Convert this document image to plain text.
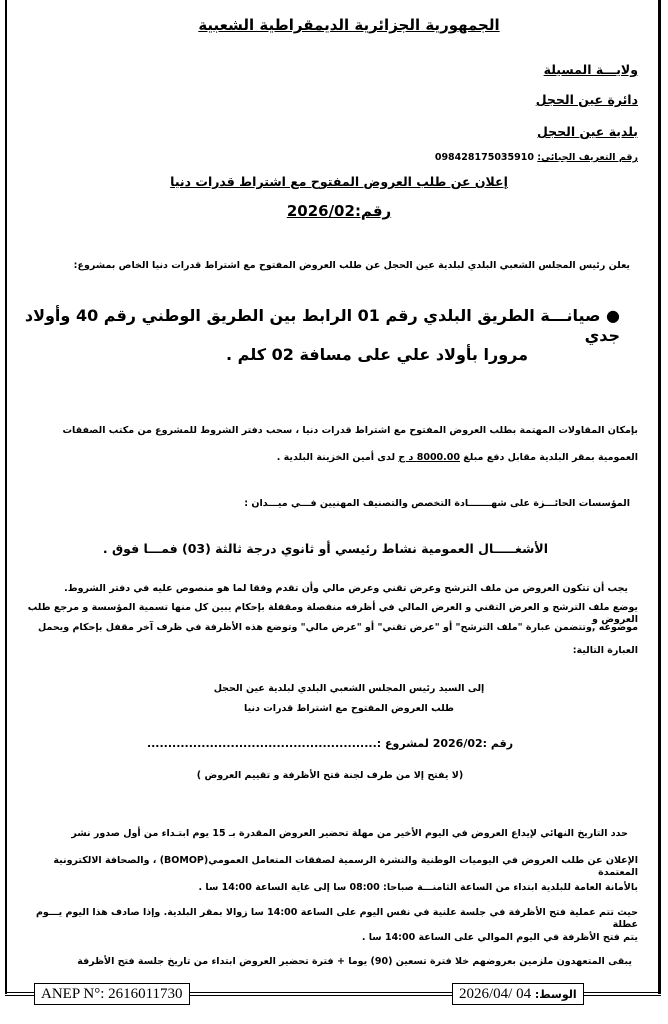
الجمهورية الجزائرية الديمقراطية الشعبية
ولايـــة المسيلة
دائرة عين الحجل
بلدية عين الحجل
رقم التعريف الجبائي: 098428175035910
إعلان عن طلب العروض المفتوح مع اشتراط قدرات دنيا
رقم:2026/02
يعلن رئيس المجلس الشعبي البلدي لبلدية عين الحجل عن طلب العروض المفتوح مع اشتراط قدرات دنيا الخاص بمشروع:
● صيانـــة الطريق البلدي رقم 01 الرابط بين الطريق الوطني رقم 40 وأولاد جدي
مرورا بأولاد علي على مسافة 02 كلم .
بإمكان المقاولات المهتمة بطلب العروض المفتوح مع اشتراط قدرات دنيا ، سحب دفتر الشروط للمشروع من مكتب الصفقات
العمومية بمقر البلدية مقابل دفع مبلغ 8000.00 د ج لدى أمين الخزينة البلدية .
المؤسسات الحائـــزة على شهـــــــادة التخصص والتصنيف المهنيين فـــي ميـــدان :
الأشغـــــال العمومية نشاط رئيسي أو ثانوي درجة ثالثة (03) فمـــا فوق .
يجب أن تتكون العروض من ملف الترشح وعرض تقني وعرض مالي وأن تقدم وفقا لما هو منصوص عليه في دفتر الشروط.
يوضع ملف الترشح و العرض التقني و العرض المالي في أظرفه منفصلة ومقفلة بإحكام يبين كل منها تسمية المؤسسة و مرجع طلب العروض و
موضوعه ,وتتضمن عبارة "ملف الترشح" أو "عرض تقني" أو "عرض مالي" وتوضع هذه الأظرفة في ظرف آخر مقفل بإحكام ويحمل
العبارة التالية:
إلى السيد رئيس المجلس الشعبي البلدي لبلدية عين الحجل
طلب العروض المفتوح مع اشتراط قدرات دنيا
رقم :2026/02 لمشروع :.......................................................
(لا يفتح إلا من طرف لجنة فتح الأظرفة و تقييم العروض )
حدد التاريخ النهائي لإيداع العروض في اليوم الأخير من مهلة تحضير العروض المقدرة بـ 15 يوم ابتـداء من أول صدور نشر
الإعلان عن طلب العروض في اليوميات الوطنية والنشرة الرسمية لصفقات المتعامل العمومي(BOMOP) ، والصحافة الالكترونية المعتمدة
بالأمانة العامة للبلدية ابتداء من الساعة الثامنـــة صباحا: 08:00 سا إلى غاية الساعة 14:00 سا .
حيث تتم عملية فتح الأظرفة في جلسة علنية في نفس اليوم على الساعة 14:00 سا زوالا بمقر البلدية. وإذا صادف هذا اليوم يـــوم عطلة
يتم فتح الأظرفة في اليوم الموالي على الساعة 14:00 سا .
يبقى المتعهدون ملزمين بعروضهم خلا فترة تسعين (90) يوما + فترة تحضير العروض ابتداء من تاريخ جلسة فتح الأظرفة
ANEP N°: 2616011730	الوسط: 2026/04/ 04
